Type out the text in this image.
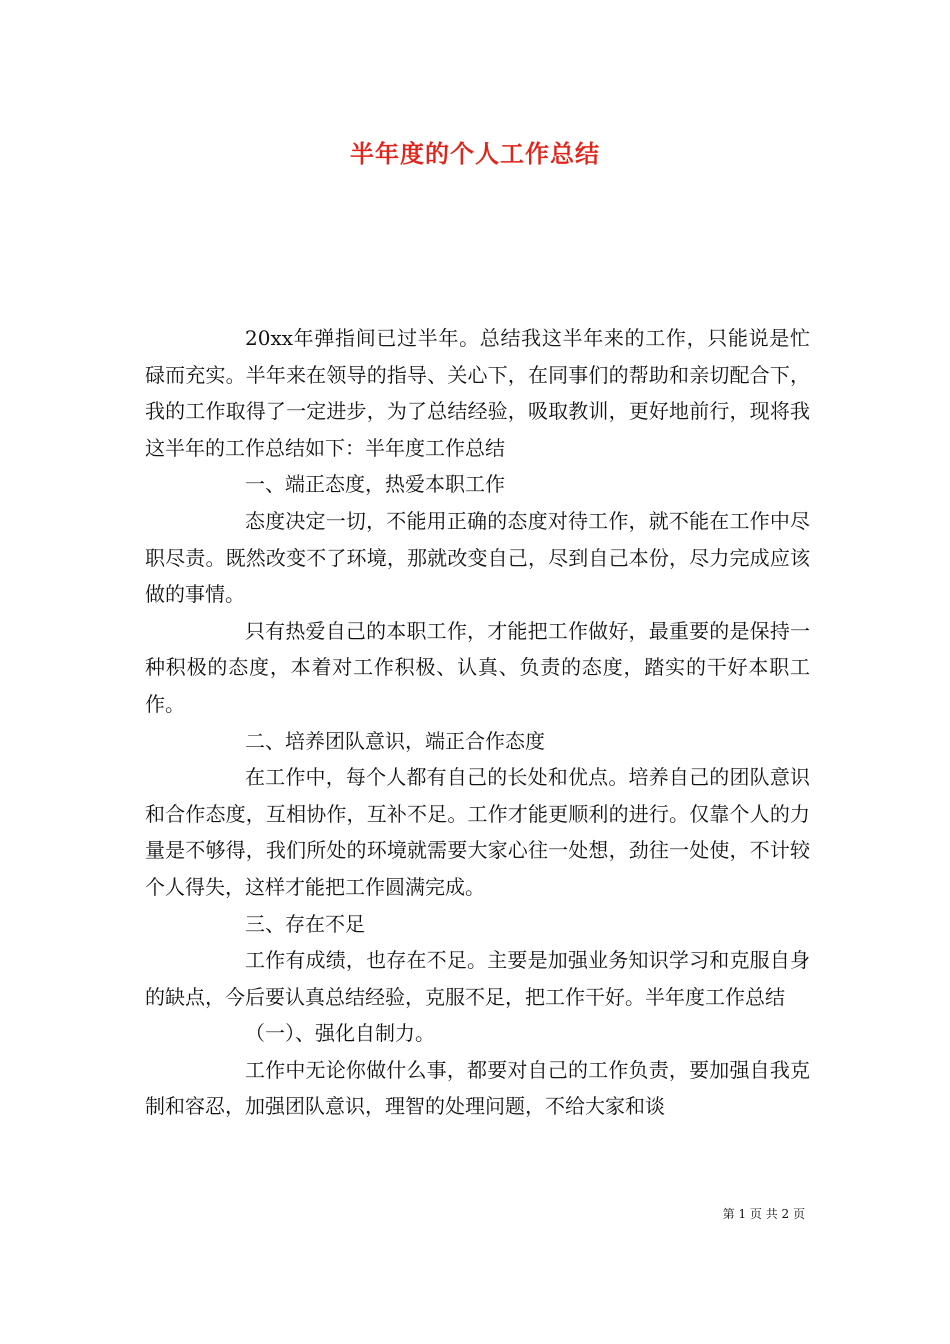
半年度的个人工作总结

20xx年弹指间已过半年。总结我这半年来的工作，只能说是忙碌而充实。半年来在领导的指导、关心下，在同事们的帮助和亲切配合下，我的工作取得了一定进步，为了总结经验，吸取教训，更好地前行，现将我这半年的工作总结如下：半年度工作总结

一、端正态度，热爱本职工作

态度决定一切，不能用正确的态度对待工作，就不能在工作中尽职尽责。既然改变不了环境，那就改变自己，尽到自己本份，尽力完成应该做的事情。

只有热爱自己的本职工作，才能把工作做好，最重要的是保持一种积极的态度，本着对工作积极、认真、负责的态度，踏实的干好本职工作。

二、培养团队意识，端正合作态度

在工作中，每个人都有自己的长处和优点。培养自己的团队意识和合作态度，互相协作，互补不足。工作才能更顺利的进行。仅靠个人的力量是不够得，我们所处的环境就需要大家心往一处想，劲往一处使，不计较个人得失，这样才能把工作圆满完成。

三、存在不足

工作有成绩，也存在不足。主要是加强业务知识学习和克服自身的缺点，今后要认真总结经验，克服不足，把工作干好。半年度工作总结

（一）、强化自制力。

工作中无论你做什么事，都要对自己的工作负责，要加强自我克制和容忍，加强团队意识，理智的处理问题，不给大家和谈

第 1 页 共 2 页
